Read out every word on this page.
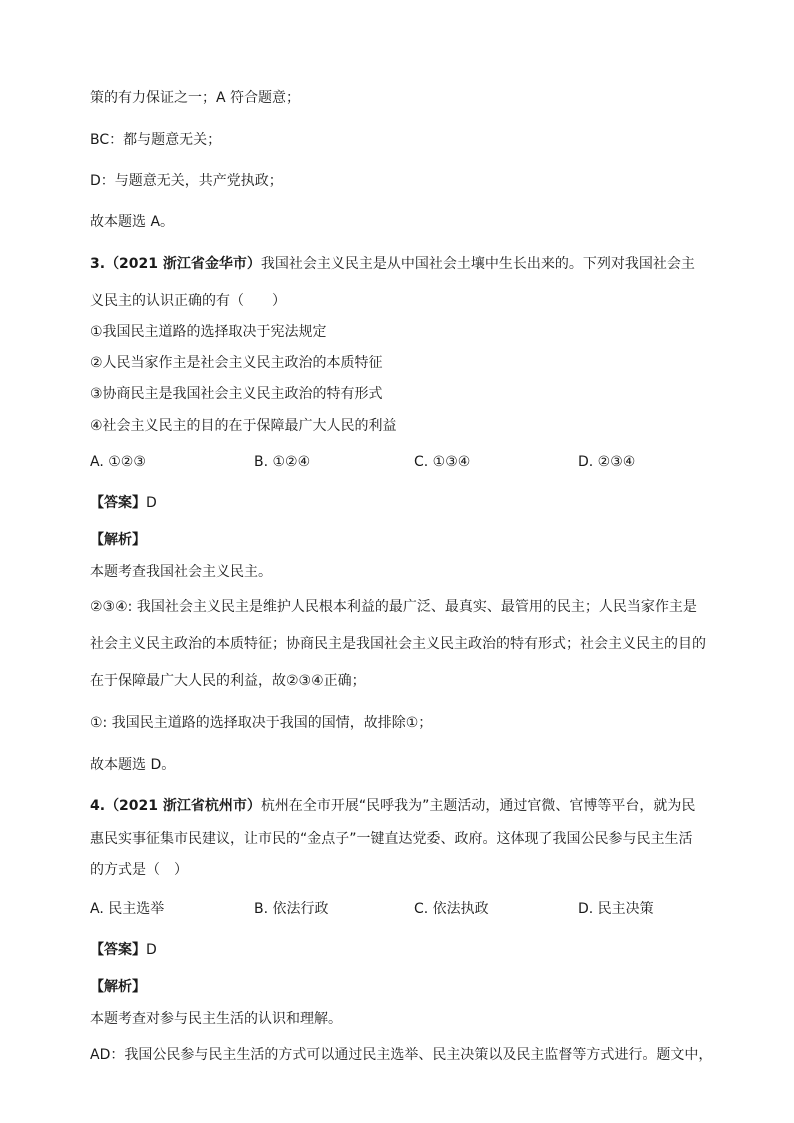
策的有力保证之一；A 符合题意；
BC：都与题意无关；
D：与题意无关，共产党执政；
故本题选 A。
3.（2021 浙江省金华市）我国社会主义民主是从中国社会土壤中生长出来的。下列对我国社会主
义民主的认识正确的有（　　）
①我国民主道路的选择取决于宪法规定
②人民当家作主是社会主义民主政治的本质特征
③协商民主是我国社会主义民主政治的特有形式
④社会主义民主的目的在于保障最广大人民的利益
A. ①②③	B. ①②④	C. ①③④	D. ②③④
【答案】D
【解析】
本题考查我国社会主义民主。
②③④: 我国社会主义民主是维护人民根本利益的最广泛、最真实、最管用的民主；人民当家作主是
社会主义民主政治的本质特征；协商民主是我国社会主义民主政治的特有形式；社会主义民主的目的
在于保障最广大人民的利益，故②③④正确；
①: 我国民主道路的选择取决于我国的国情，故排除①；
故本题选 D。
4.（2021 浙江省杭州市）杭州在全市开展“民呼我为”主题活动，通过官微、官博等平台，就为民
惠民实事征集市民建议，让市民的“金点子”一键直达党委、政府。这体现了我国公民参与民主生活
的方式是（　）
A. 民主选举	B. 依法行政	C. 依法执政	D. 民主决策
【答案】D
【解析】
本题考查对参与民主生活的认识和理解。
AD：我国公民参与民主生活的方式可以通过民主选举、民主决策以及民主监督等方式进行。题文中，
